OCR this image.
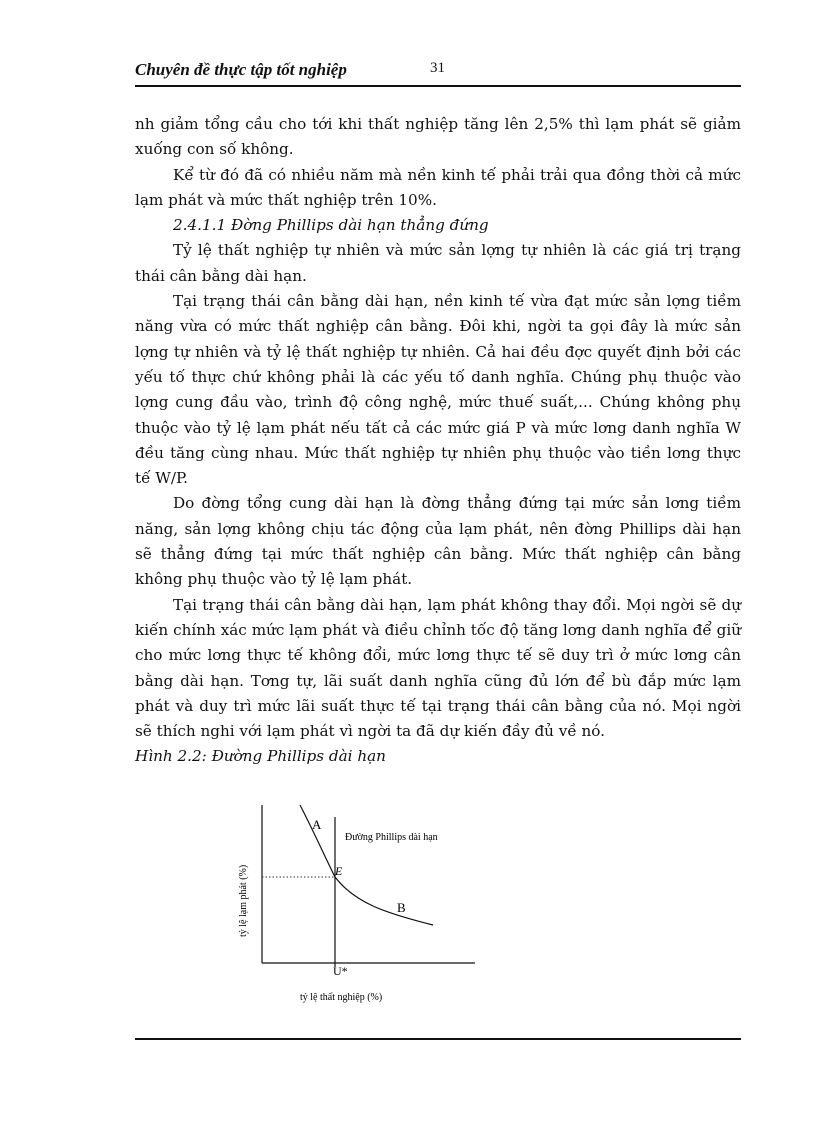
Chuyên đề thực tập tốt nghiệp	31

nh giảm tổng cầu cho tới khi thất nghiệp tăng lên 2,5% thì lạm phát sẽ giảm xuống con số không.

Kể từ đó đã có nhiều năm mà nền kinh tế phải trải qua đồng thời cả mức lạm phát và mức thất nghiệp trên 10%.

2.4.1.1 Đờng Phillips dài hạn thẳng đứng

Tỷ lệ thất nghiệp tự nhiên và mức sản lợng tự nhiên là các giá trị trạng thái cân bằng dài hạn.

Tại trạng thái cân bằng dài hạn, nền kinh tế vừa đạt mức sản lợng tiềm năng vừa có mức thất nghiệp cân bằng. Đôi khi, ngời ta gọi đây là mức sản lợng tự nhiên và tỷ lệ thất nghiệp tự nhiên. Cả hai đều đợc quyết định bởi các yếu tố thực chứ không phải là các yếu tố danh nghĩa. Chúng phụ thuộc vào lợng cung đầu vào, trình độ công nghệ, mức thuế suất,... Chúng không phụ thuộc vào tỷ lệ lạm phát nếu tất cả các mức giá P và mức lơng danh nghĩa W đều tăng cùng nhau. Mức thất nghiệp tự nhiên phụ thuộc vào tiền lơng thực tế W/P.

Do đờng tổng cung dài hạn là đờng thẳng đứng tại mức sản lơng tiềm năng, sản lợng không chịu tác động của lạm phát, nên đờng Phillips dài hạn sẽ thẳng đứng tại mức thất nghiệp cân bằng. Mức thất nghiệp cân bằng không phụ thuộc vào tỷ lệ lạm phát.

Tại trạng thái cân bằng dài hạn, lạm phát không thay đổi. Mọi ngời sẽ dự kiến chính xác mức lạm phát và điều chỉnh tốc độ tăng lơng danh nghĩa để giữ cho mức lơng thực tế không đổi, mức lơng thực tế sẽ duy trì ở mức lơng cân bằng dài hạn. Tơng tự, lãi suất danh nghĩa cũng đủ lớn để bù đắp mức lạm phát và duy trì mức lãi suất thực tế tại trạng thái cân bằng của nó. Mọi ngời sẽ thích nghi với lạm phát vì ngời ta đã dự kiến đầy đủ về nó.

Hình 2.2: Đường Phillips dài hạn

A
Đường Phillips dài hạn
E
B
U*
tỷ lệ thất nghiệp (%)
tỷ lệ lạm phát (%)
